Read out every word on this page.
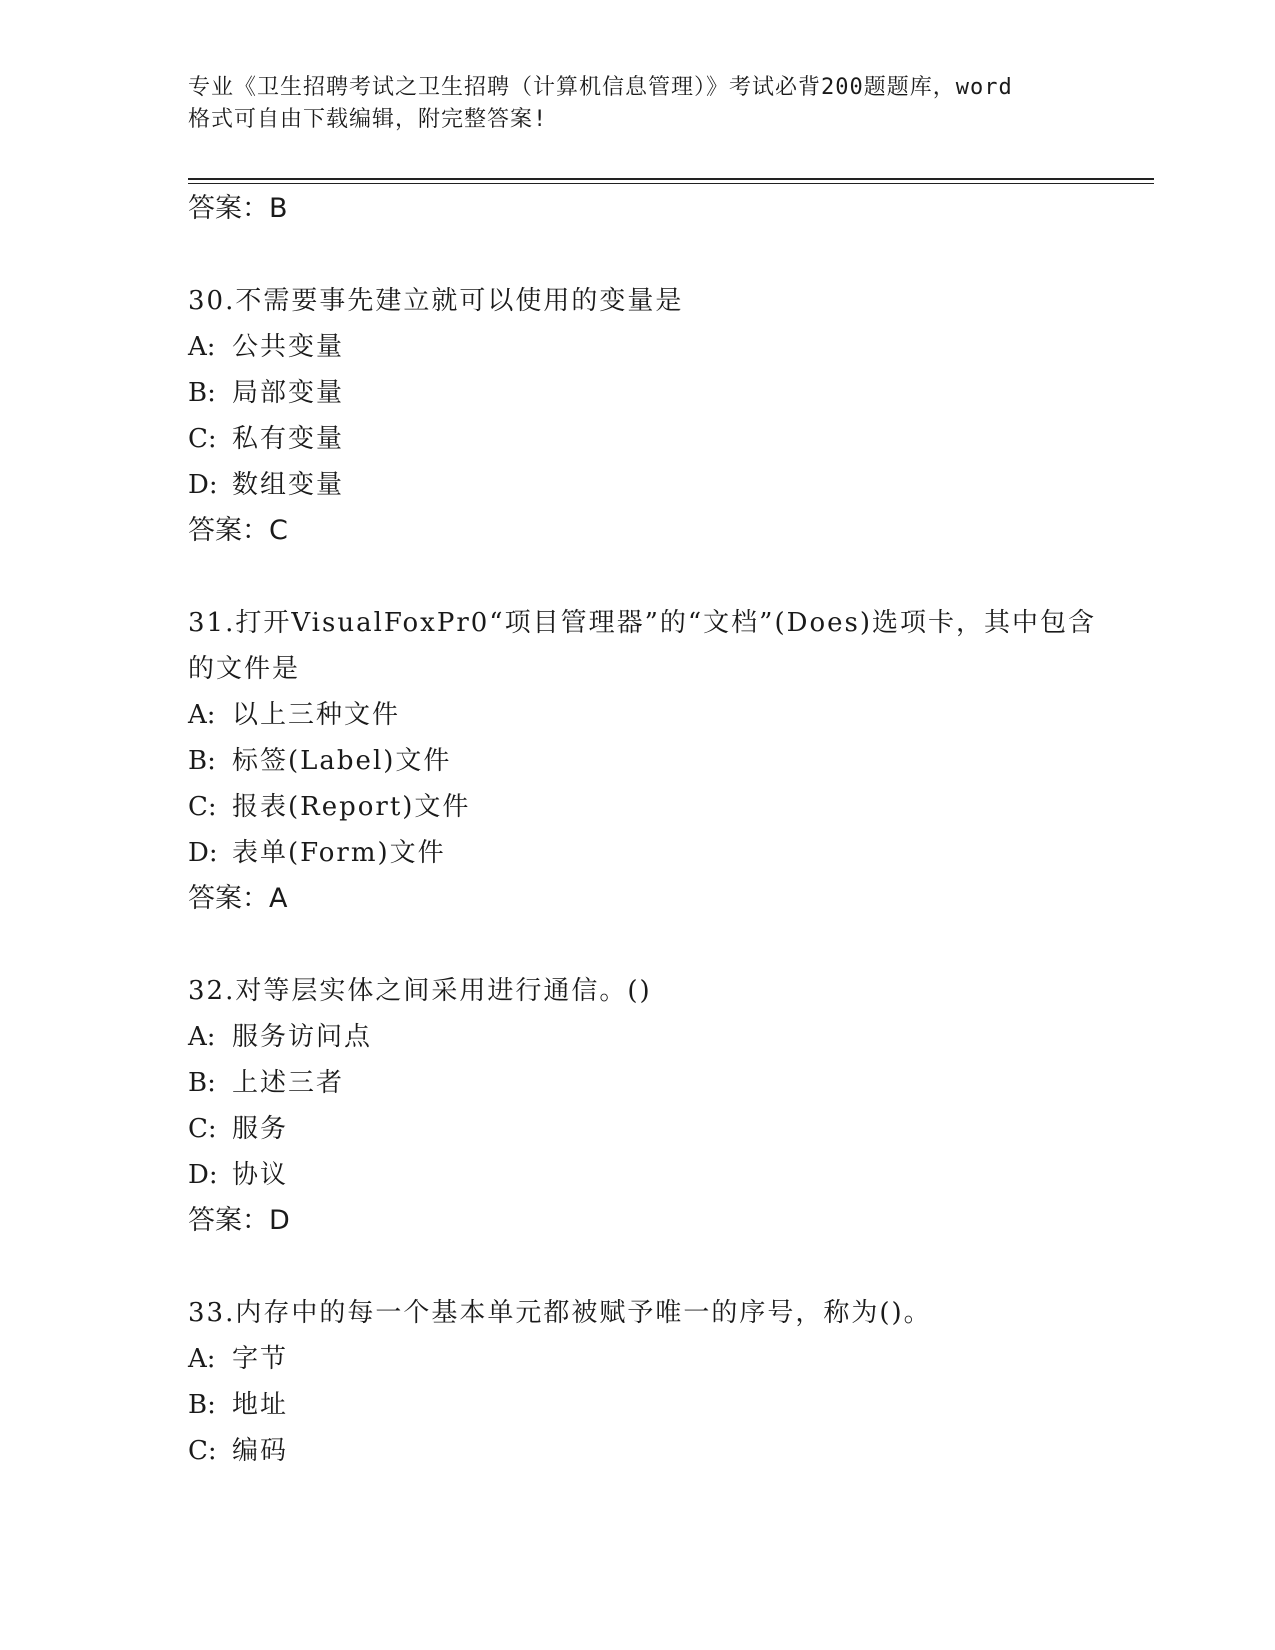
专业《卫生招聘考试之卫生招聘（计算机信息管理）》考试必背200题题库，word
格式可自由下载编辑，附完整答案!
答案：B
30.不需要事先建立就可以使用的变量是
A: 公共变量
B: 局部变量
C: 私有变量
D: 数组变量
答案：C
31.打开VisualFoxPr0“项目管理器”的“文档”(Does)选项卡，其中包含的文件是
A: 以上三种文件
B: 标签(Label)文件
C: 报表(Report)文件
D: 表单(Form)文件
答案：A
32.对等层实体之间采用进行通信。()
A: 服务访问点
B: 上述三者
C: 服务
D: 协议
答案：D
33.内存中的每一个基本单元都被赋予唯一的序号，称为()。
A: 字节
B: 地址
C: 编码
